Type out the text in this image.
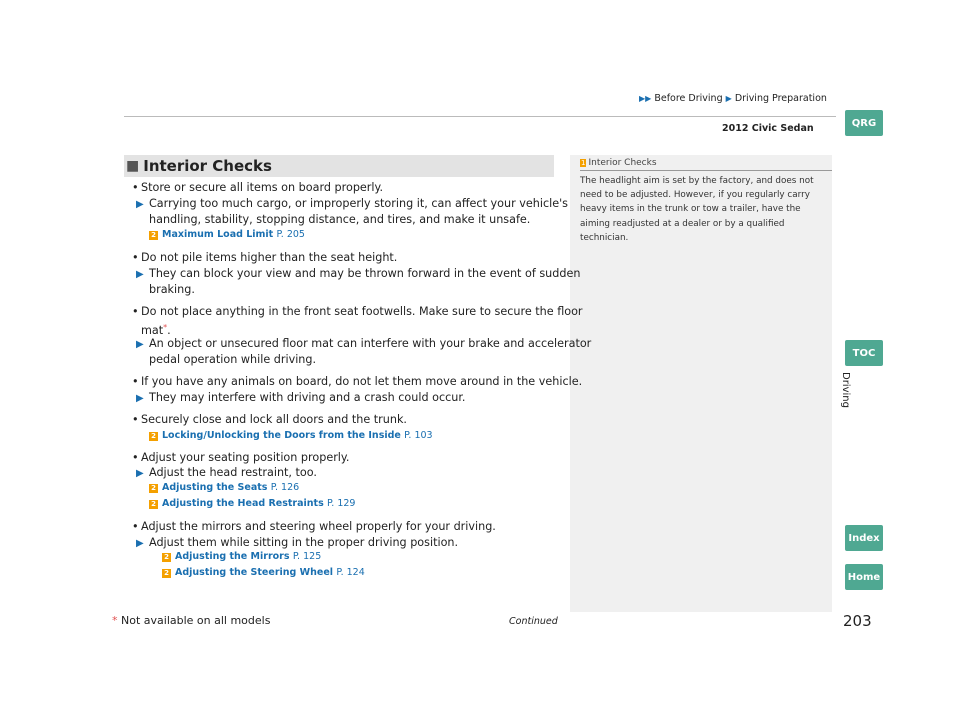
▶▶ Before Driving ▶ Driving Preparation
2012 Civic Sedan	QRG
TOC
Driving
Index
Home
■ Interior Checks	1 Interior Checks
The headlight aim is set by the factory, and does not
need to be adjusted. However, if you regularly carry
heavy items in the trunk or tow a trailer, have the
aiming readjusted at a dealer or by a qualified
technician.
• Store or secure all items on board properly.
▶ Carrying too much cargo, or improperly storing it, can affect your vehicle's
handling, stability, stopping distance, and tires, and make it unsafe.
2 Maximum Load Limit P. 205
• Do not pile items higher than the seat height.
▶ They can block your view and may be thrown forward in the event of sudden
braking.
• Do not place anything in the front seat footwells. Make sure to secure the floor
mat*.
▶ An object or unsecured floor mat can interfere with your brake and accelerator
pedal operation while driving.
• If you have any animals on board, do not let them move around in the vehicle.
▶ They may interfere with driving and a crash could occur.
• Securely close and lock all doors and the trunk.
2 Locking/Unlocking the Doors from the Inside P. 103
• Adjust your seating position properly.
▶ Adjust the head restraint, too.
2 Adjusting the Seats P. 126
2 Adjusting the Head Restraints P. 129
• Adjust the mirrors and steering wheel properly for your driving.
▶ Adjust them while sitting in the proper driving position.
2 Adjusting the Mirrors P. 125
2 Adjusting the Steering Wheel P. 124
* Not available on all models	Continued	203
